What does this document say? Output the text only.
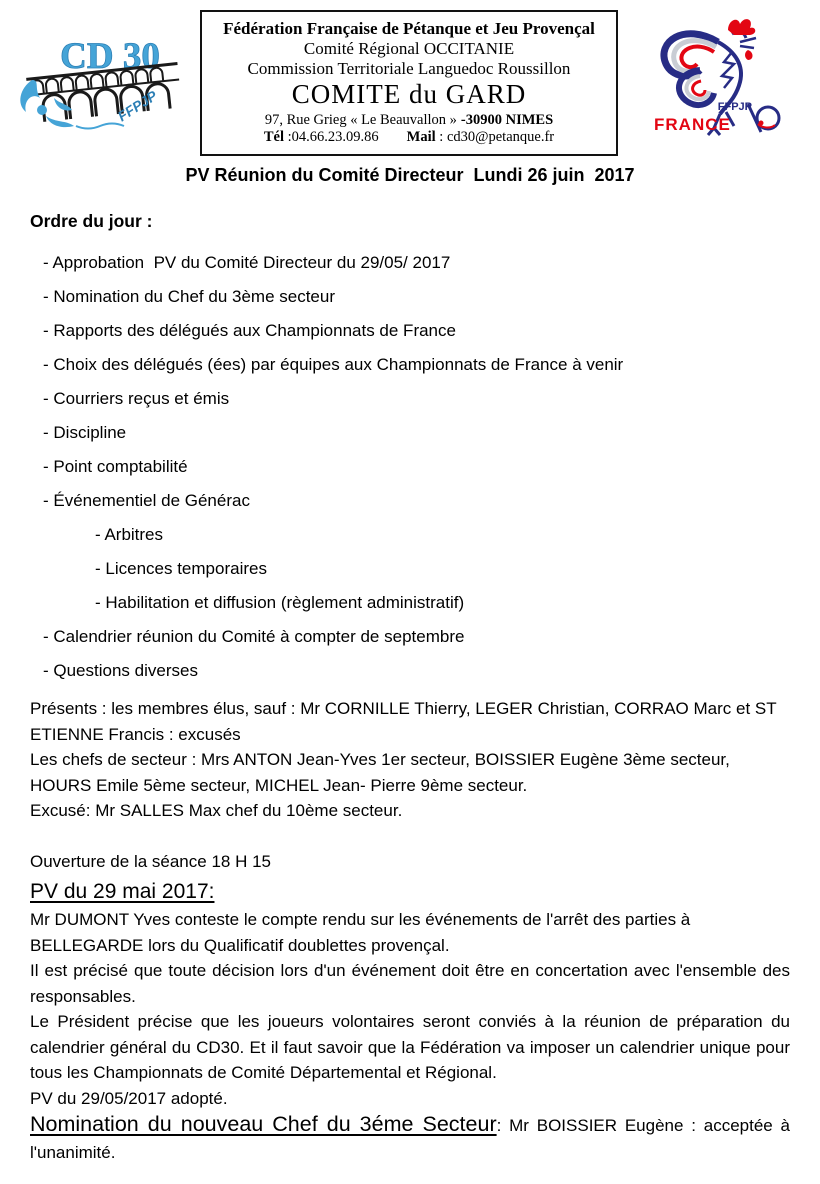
CD 30
FFPJP
Fédération Française de Pétanque et Jeu Provençal
Comité Régional OCCITANIE
Commission Territoriale Languedoc Roussillon
COMITE du GARD
97, Rue Grieg « Le Beauvallon » -30900 NIMES
Tél :04.66.23.09.86 Mail : cd30@petanque.fr
FFPJP
FRANCE
PV Réunion du Comité Directeur  Lundi 26 juin  2017
Ordre du jour :
- Approbation  PV du Comité Directeur du 29/05/ 2017
- Nomination du Chef du 3ème secteur
- Rapports des délégués aux Championnats de France
- Choix des délégués (ées) par équipes aux Championnats de France à venir
- Courriers reçus et émis
- Discipline
- Point comptabilité
- Événementiel de Générac
- Arbitres
- Licences temporaires
- Habilitation et diffusion (règlement administratif)
- Calendrier réunion du Comité à compter de septembre
- Questions diverses

Présents : les membres élus, sauf : Mr CORNILLE Thierry, LEGER Christian, CORRAO Marc et ST ETIENNE Francis : excusés

Les chefs de secteur : Mrs ANTON Jean-Yves 1er secteur, BOISSIER Eugène 3ème secteur, HOURS Emile 5ème secteur, MICHEL Jean- Pierre 9ème secteur.

Excusé: Mr SALLES Max chef du 10ème secteur.

Ouverture de la séance 18 H 15

PV du 29 mai 2017:

Mr DUMONT Yves conteste le compte rendu sur les événements de l'arrêt des parties à BELLEGARDE lors du Qualificatif doublettes provençal.

Il est précisé que toute décision lors d'un événement doit être en concertation avec l'ensemble des responsables.

Le Président précise que les joueurs volontaires seront conviés à la réunion de préparation du calendrier général du CD30. Et il faut savoir que la Fédération va imposer un calendrier unique pour tous les Championnats de Comité Départemental et Régional.

PV du 29/05/2017 adopté.

Nomination du nouveau Chef du 3éme Secteur: Mr BOISSIER Eugène : acceptée à l'unanimité.
